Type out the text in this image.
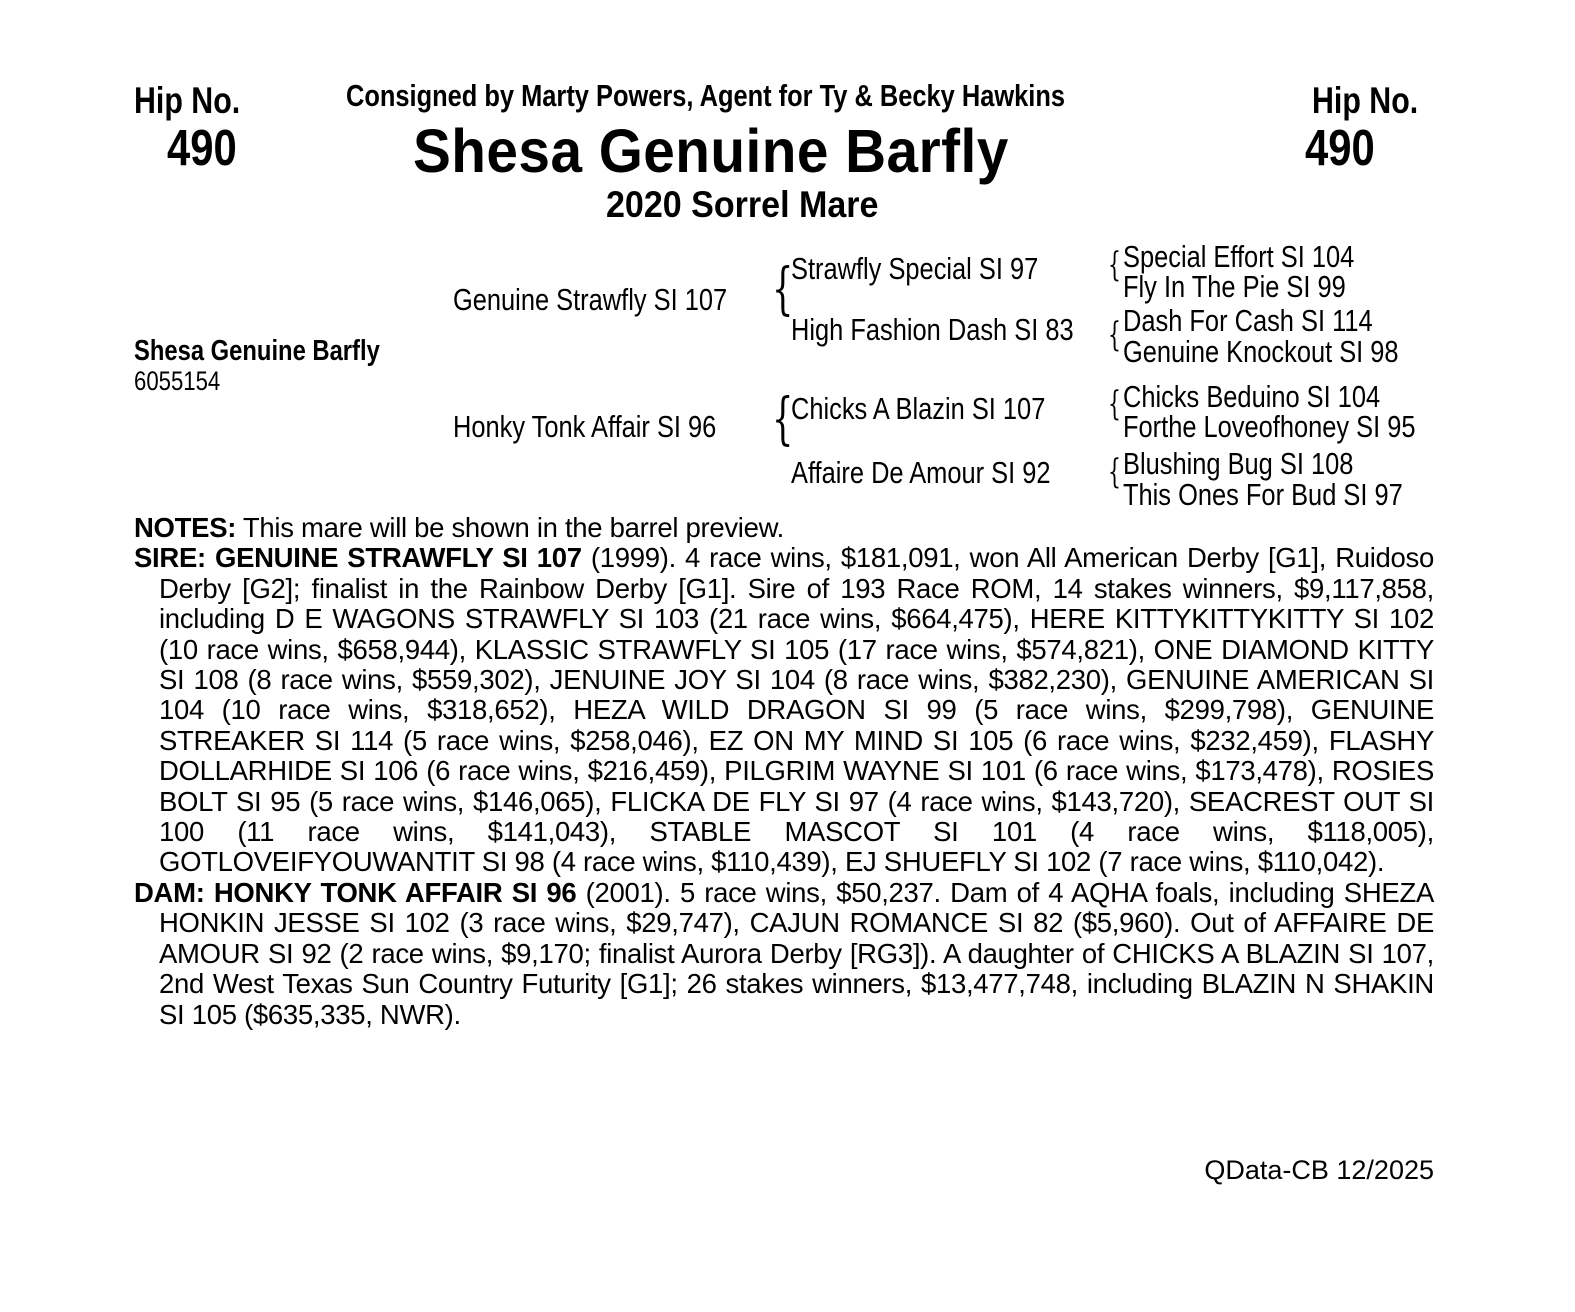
Hip No.
490
Hip No.
490
Consigned by Marty Powers, Agent for Ty & Becky Hawkins
Shesa Genuine Barfly
2020 Sorrel Mare
Shesa Genuine Barfly
6055154
Genuine Strawfly SI 107 {
Strawfly Special SI 97
High Fashion Dash SI 83
{ Special Effort SI 104
Fly In The Pie SI 99
{ Dash For Cash SI 114
Genuine Knockout SI 98
Honky Tonk Affair SI 96 {
Chicks A Blazin SI 107
Affaire De Amour SI 92
{ Chicks Beduino SI 104
Forthe Loveofhoney SI 95
{ Blushing Bug SI 108
This Ones For Bud SI 97

NOTES: This mare will be shown in the barrel preview.

SIRE: GENUINE STRAWFLY SI 107 (1999). 4 race wins, $181,091, won All American Derby [G1], Ruidoso Derby [G2]; finalist in the Rainbow Derby [G1]. Sire of 193 Race ROM, 14 stakes winners, $9,117,858, including D E WAGONS STRAWFLY SI 103 (21 race wins, $664,475), HERE KITTYKITTYKITTY SI 102 (10 race wins, $658,944), KLASSIC STRAWFLY SI 105 (17 race wins, $574,821), ONE DIAMOND KITTY SI 108 (8 race wins, $559,302), JENUINE JOY SI 104 (8 race wins, $382,230), GENUINE AMERICAN SI 104 (10 race wins, $318,652), HEZA WILD DRAGON SI 99 (5 race wins, $299,798), GENUINE STREAKER SI 114 (5 race wins, $258,046), EZ ON MY MIND SI 105 (6 race wins, $232,459), FLASHY DOLLARHIDE SI 106 (6 race wins, $216,459), PILGRIM WAYNE SI 101 (6 race wins, $173,478), ROSIES BOLT SI 95 (5 race wins, $146,065), FLICKA DE FLY SI 97 (4 race wins, $143,720), SEACREST OUT SI 100 (11 race wins, $141,043), STABLE MASCOT SI 101 (4 race wins, $118,005), GOTLOVEIFYOUWANTIT SI 98 (4 race wins, $110,439), EJ SHUEFLY SI 102 (7 race wins, $110,042).

DAM: HONKY TONK AFFAIR SI 96 (2001). 5 race wins, $50,237. Dam of 4 AQHA foals, including SHEZA HONKIN JESSE SI 102 (3 race wins, $29,747), CAJUN ROMANCE SI 82 ($5,960). Out of AFFAIRE DE AMOUR SI 92 (2 race wins, $9,170; finalist Aurora Derby [RG3]). A daughter of CHICKS A BLAZIN SI 107, 2nd West Texas Sun Country Futurity [G1]; 26 stakes winners, $13,477,748, including BLAZIN N SHAKIN SI 105 ($635,335, NWR).

QData-CB 12/2025
